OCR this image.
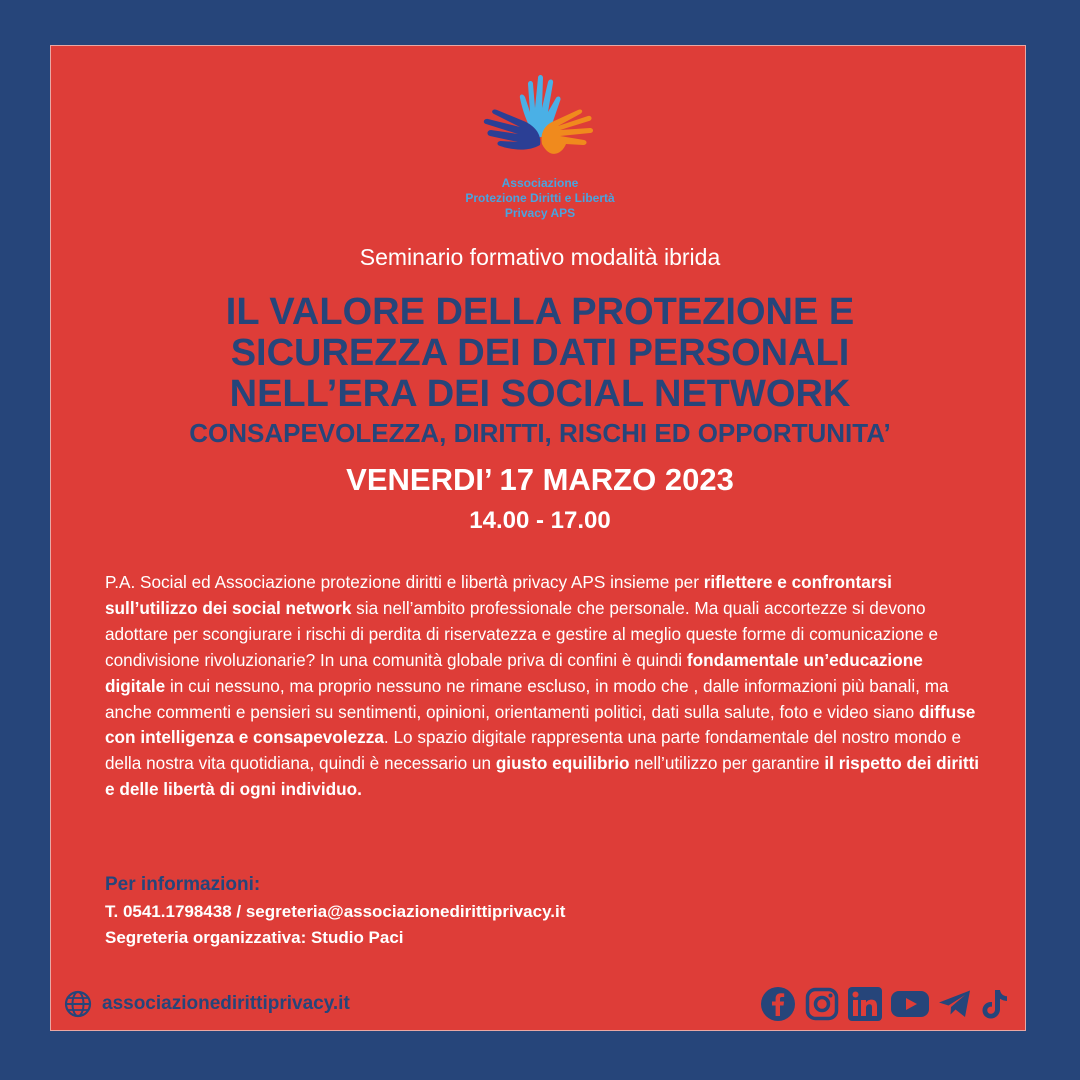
Associazione
Protezione Diritti e Libertà
Privacy APS
Seminario formativo modalità ibrida
IL VALORE DELLA PROTEZIONE E
SICUREZZA DEI DATI PERSONALI
NELL’ERA DEI SOCIAL NETWORK
CONSAPEVOLEZZA, DIRITTI, RISCHI ED OPPORTUNITA’
VENERDI’ 17 MARZO 2023
14.00 - 17.00
P.A. Social ed Associazione protezione diritti e libertà privacy APS insieme per riflettere e confrontarsi sull’utilizzo dei social network sia nell’ambito professionale che personale. Ma quali accortezze si devono adottare per scongiurare i rischi di perdita di riservatezza e gestire al meglio queste forme di comunicazione e condivisione rivoluzionarie? In una comunità globale priva di confini è quindi fondamentale un’educazione digitale in cui nessuno, ma proprio nessuno ne rimane escluso, in modo che , dalle informazioni più banali, ma anche commenti e pensieri su sentimenti, opinioni, orientamenti politici, dati sulla salute, foto e video siano diffuse con intelligenza e consapevolezza. Lo spazio digitale rappresenta una parte fondamentale del nostro mondo e della nostra vita quotidiana, quindi è necessario un giusto equilibrio nell’utilizzo per garantire il rispetto dei diritti e delle libertà di ogni individuo.
Per informazioni:
T. 0541.1798438 / segreteria@associazionedirittiprivacy.it
Segreteria organizzativa: Studio Paci
associazionedirittiprivacy.it
